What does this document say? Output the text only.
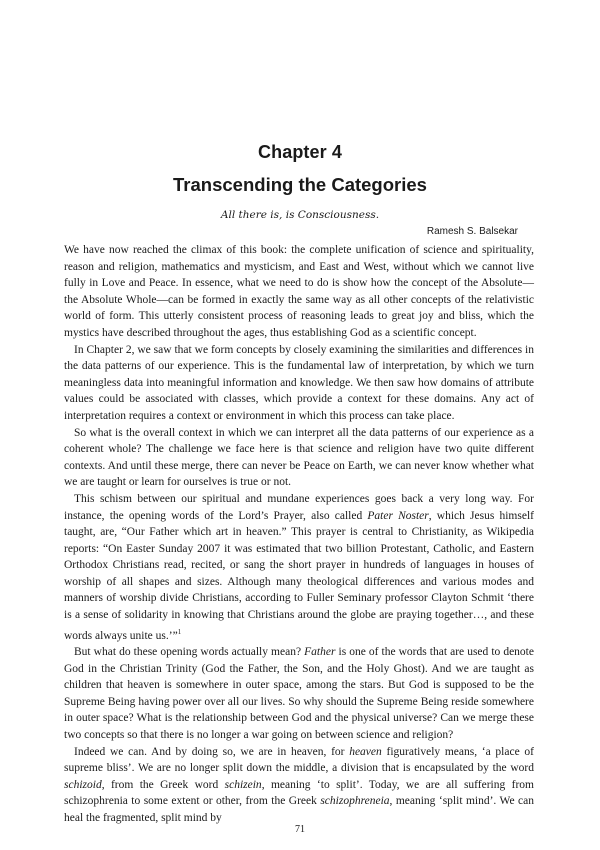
Chapter 4
Transcending the Categories

All there is, is Consciousness.

Ramesh S. Balsekar

We have now reached the climax of this book: the complete unification of science and spirituality, reason and religion, mathematics and mysticism, and East and West, without which we cannot live fully in Love and Peace. In essence, what we need to do is show how the concept of the Absolute—the Absolute Whole—can be formed in exactly the same way as all other concepts of the relativistic world of form. This utterly consistent process of reasoning leads to great joy and bliss, which the mystics have described throughout the ages, thus establishing God as a scientific concept.

In Chapter 2, we saw that we form concepts by closely examining the similarities and differences in the data patterns of our experience. This is the fundamental law of interpretation, by which we turn meaningless data into meaningful information and knowledge. We then saw how domains of attribute values could be associated with classes, which provide a context for these domains. Any act of interpretation requires a context or environment in which this process can take place.

So what is the overall context in which we can interpret all the data patterns of our experience as a coherent whole? The challenge we face here is that science and religion have two quite different contexts. And until these merge, there can never be Peace on Earth, we can never know whether what we are taught or learn for ourselves is true or not.

This schism between our spiritual and mundane experiences goes back a very long way. For instance, the opening words of the Lord’s Prayer, also called Pater Noster, which Jesus himself taught, are, “Our Father which art in heaven.” This prayer is central to Christianity, as Wikipedia reports: “On Easter Sunday 2007 it was estimated that two billion Protestant, Catholic, and Eastern Orthodox Christians read, recited, or sang the short prayer in hundreds of languages in houses of worship of all shapes and sizes. Although many theological differences and various modes and manners of worship divide Christians, according to Fuller Seminary professor Clayton Schmit ‘there is a sense of solidarity in knowing that Christians around the globe are praying together…, and these words always unite us.’”$^1$

But what do these opening words actually mean? Father is one of the words that are used to denote God in the Christian Trinity (God the Father, the Son, and the Holy Ghost). And we are taught as children that heaven is somewhere in outer space, among the stars. But God is supposed to be the Supreme Being having power over all our lives. So why should the Supreme Being reside somewhere in outer space? What is the relationship between God and the physical universe? Can we merge these two concepts so that there is no longer a war going on between science and religion?

Indeed we can. And by doing so, we are in heaven, for heaven figuratively means, ‘a place of supreme bliss’. We are no longer split down the middle, a division that is encapsulated by the word schizoid, from the Greek word schizein, meaning ‘to split’. Today, we are all suffering from schizophrenia to some extent or other, from the Greek schizophreneia, meaning ‘split mind’. We can heal the fragmented, split mind by

71
